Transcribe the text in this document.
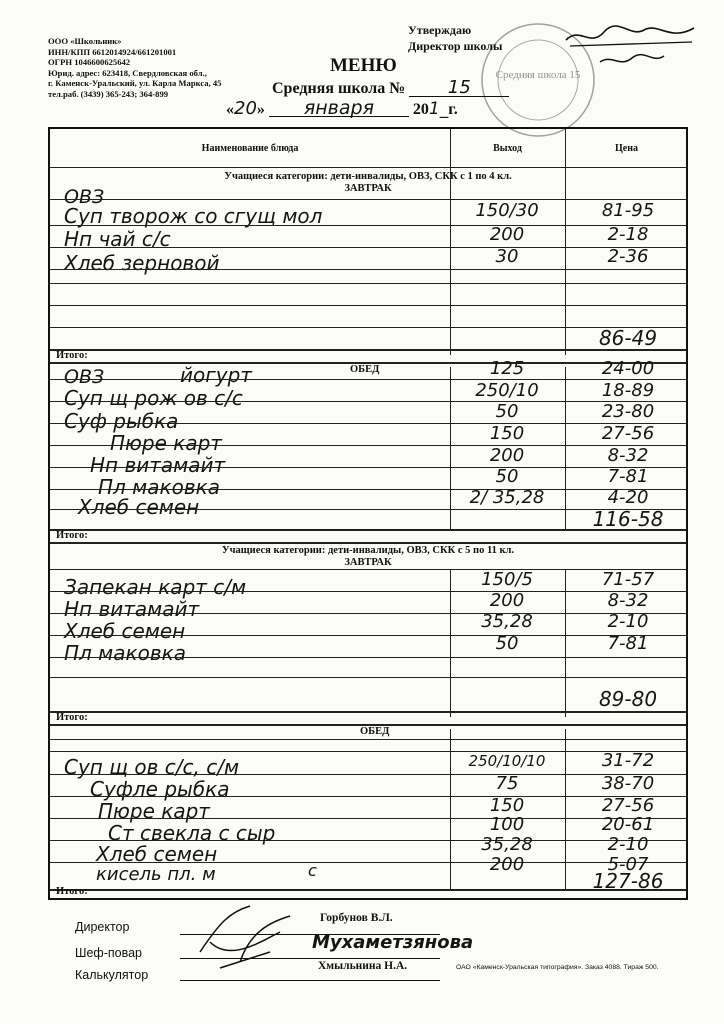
ООО «Школьник»
ИНН/КПП 6612014924/661201001
ОГРН 1046600625642
Юрид. адрес: 623418, Свердловская обл.,
г. Каменск-Уральский, ул. Карла Маркса, 45
тел.раб. (3439) 365-243; 364-899
Средняя школа 15
Утверждаю
Директор школы
МЕНЮ
Средняя школа № 15
«20» января 201_г.
Наименование блюда	Выход	Цена
Учащиеся категории: дети-инвалиды, ОВЗ, СКК с 1 по 4 кл.
ЗАВТРАК
ОВЗ
Суп творож со сгущ мол	150/30	81-95
Нп чай с/с	200	2-18
Хлеб зерновой	30	2-36
86-49
Итого:
ОБЕД
ОВЗ	йогурт	125	24-00
Суп щ рож ов с/с	250/10	18-89
Суф рыбка	50	23-80
Пюре карт	150	27-56
Нп витамайт	200	8-32
Пл маковка	50	7-81
Хлеб семен	2/ 35,28	4-20
116-58
Итого:
Учащиеся категории: дети-инвалиды, ОВЗ, СКК с 5 по 11 кл.
ЗАВТРАК
Запекан карт с/м	150/5	71-57
Нп витамайт	200	8-32
Хлеб семен	35,28	2-10
Пл маковка	50	7-81
89-80
Итого:
ОБЕД
Суп щ ов с/с, с/м	250/10/10	31-72
Суфле рыбка	75	38-70
Пюре карт	150	27-56
Ст свекла с сыр	100	20-61
Хлеб семен	35,28	2-10
кисель пл. м	с	200	5-07
127-86
Итого:
Директор
Горбунов В.Л.
Шеф-повар	Мухаметзянова
Калькулятор
Хмыльнина Н.А.	ОАО «Каменск-Уральская типография». Заказ 4088. Тираж 500.
